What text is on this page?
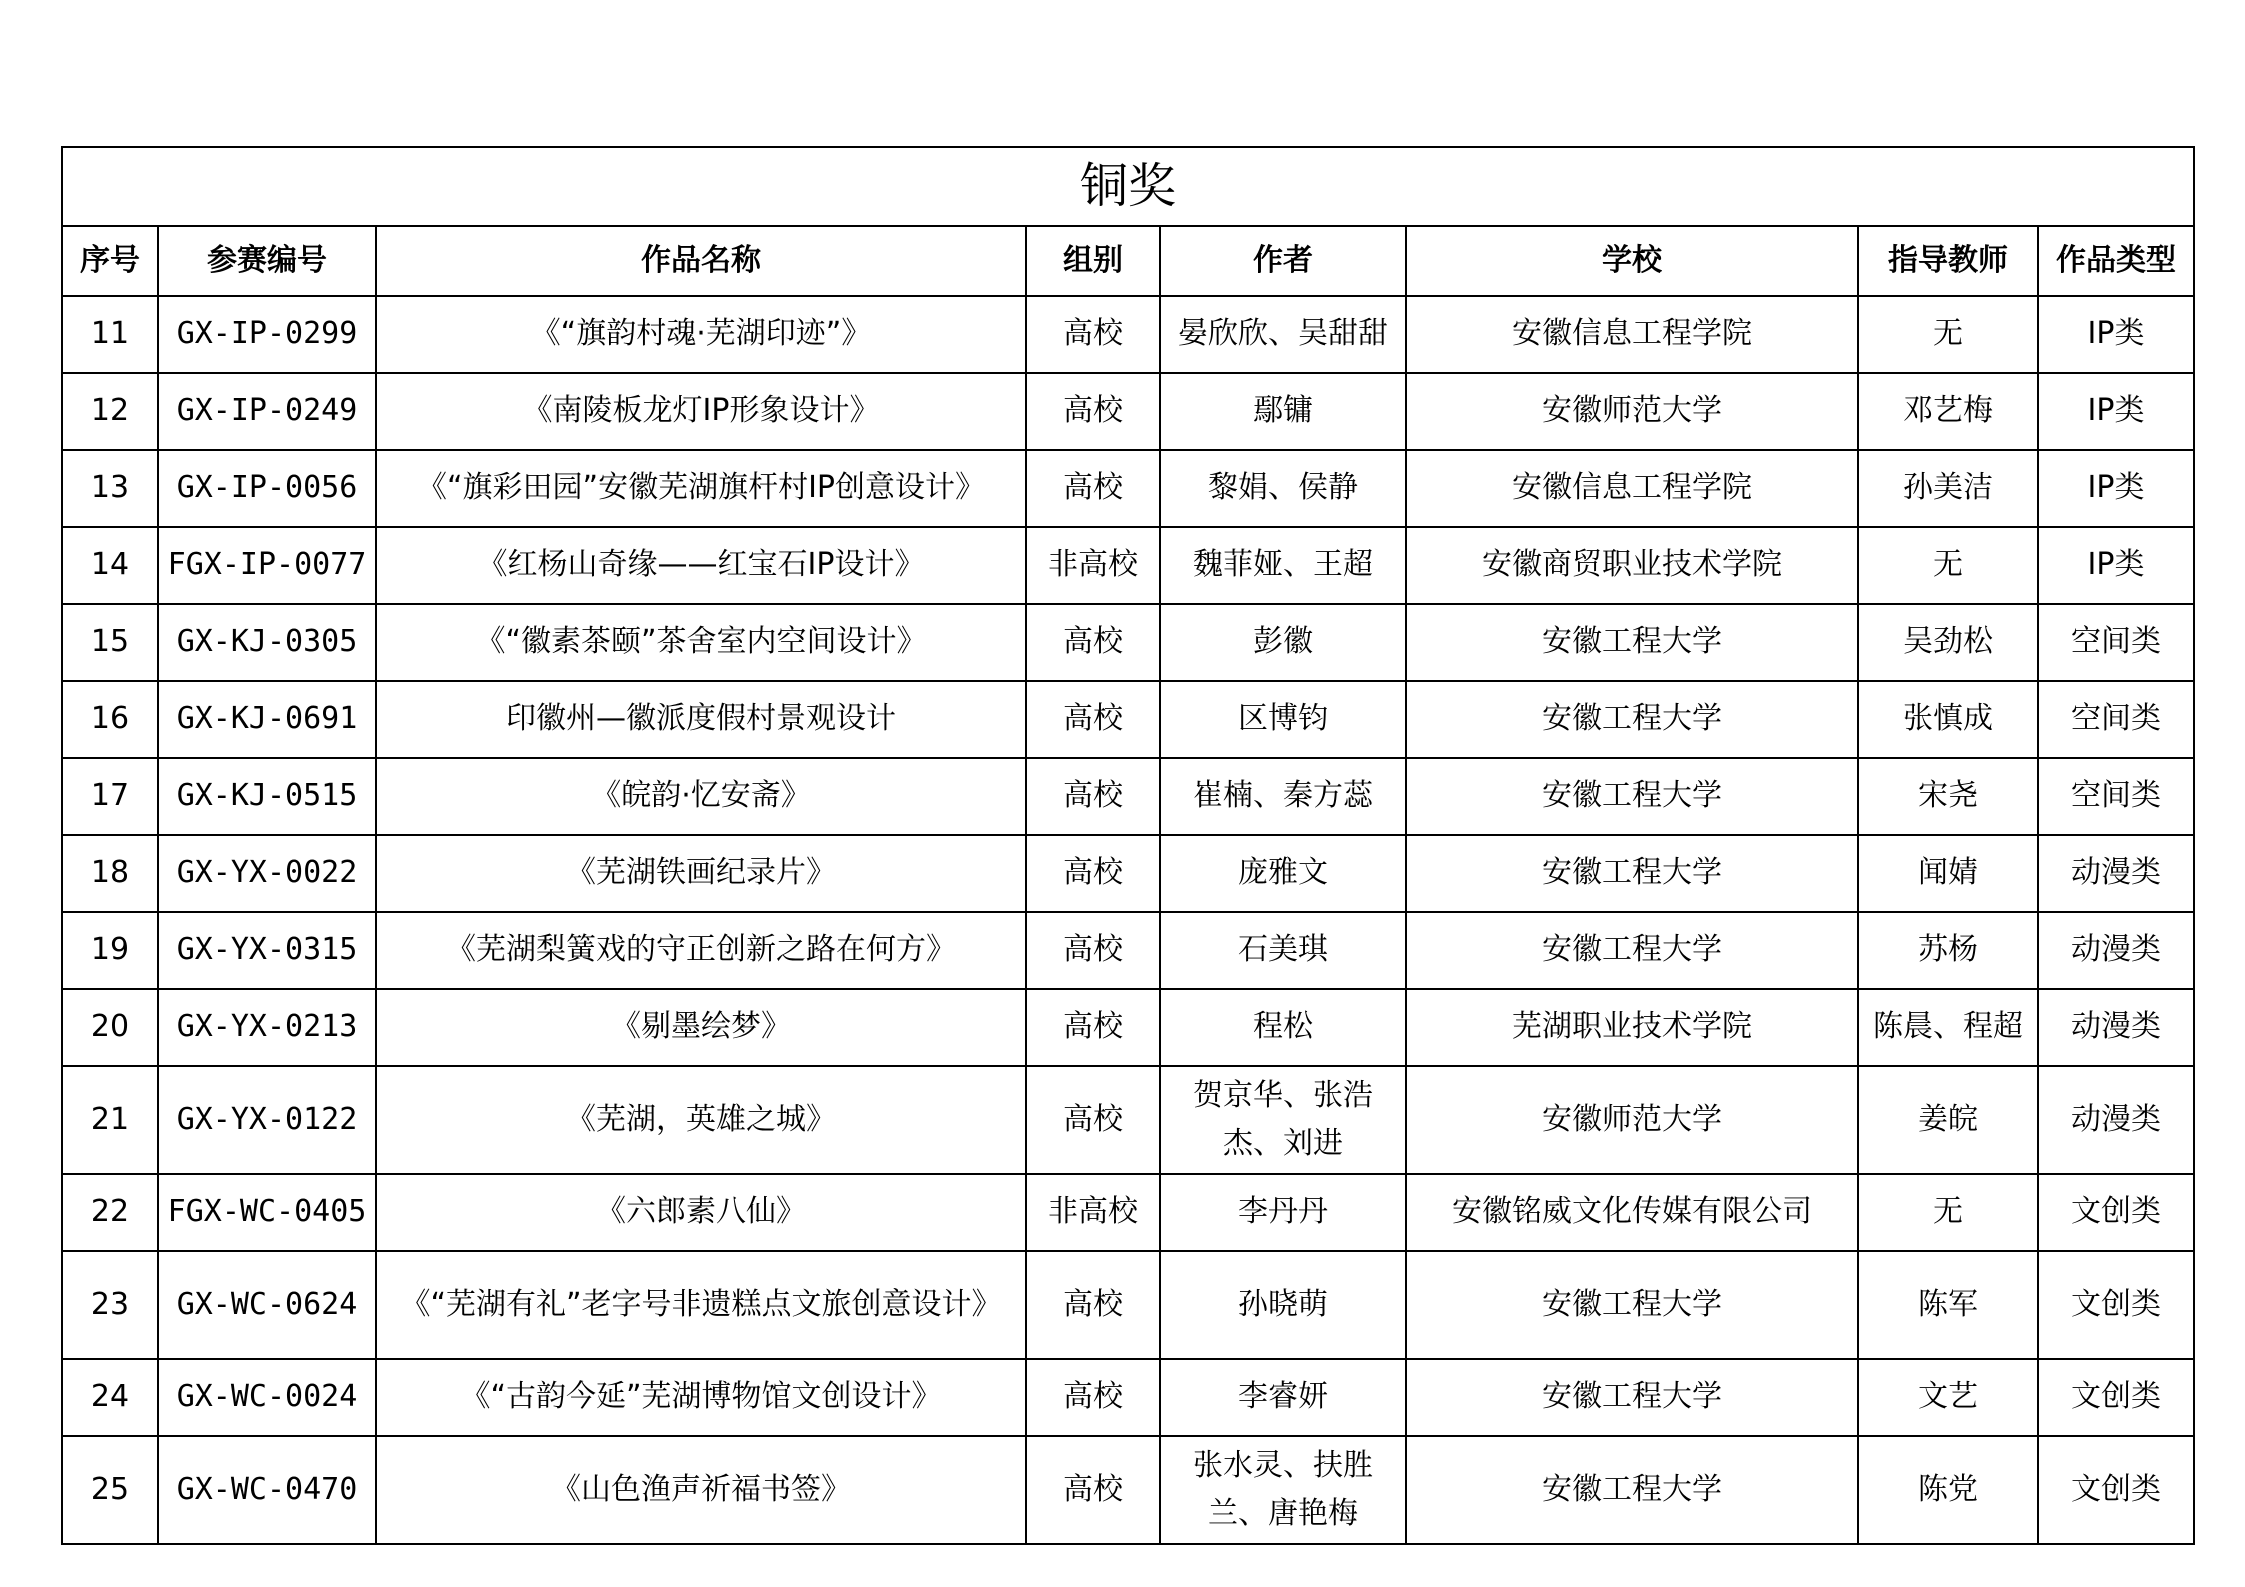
铜奖							
序号	参赛编号	作品名称	组别	作者	学校	指导教师	作品类型
11	GX-IP-0299	《“旗韵村魂·芜湖印迹”》	高校	晏欣欣、吴甜甜	安徽信息工程学院	无	IP类
12	GX-IP-0249	《南陵板龙灯IP形象设计》	高校	鄢镛	安徽师范大学	邓艺梅	IP类
13	GX-IP-0056	《“旗彩田园”安徽芜湖旗杆村IP创意设计》	高校	黎娟、侯静	安徽信息工程学院	孙美洁	IP类
14	FGX-IP-0077	《红杨山奇缘——红宝石IP设计》	非高校	魏菲娅、王超	安徽商贸职业技术学院	无	IP类
15	GX-KJ-0305	《“徽素茶颐”茶舍室内空间设计》	高校	彭徽	安徽工程大学	吴劲松	空间类
16	GX-KJ-0691	印徽州—徽派度假村景观设计	高校	区博钧	安徽工程大学	张慎成	空间类
17	GX-KJ-0515	《皖韵·忆安斋》	高校	崔楠、秦方蕊	安徽工程大学	宋尧	空间类
18	GX-YX-0022	《芜湖铁画纪录片》	高校	庞雅文	安徽工程大学	闻婧	动漫类
19	GX-YX-0315	《芜湖梨簧戏的守正创新之路在何方》	高校	石美琪	安徽工程大学	苏杨	动漫类
20	GX-YX-0213	《剔墨绘梦》	高校	程松	芜湖职业技术学院	陈晨、程超	动漫类
21	GX-YX-0122	《芜湖，英雄之城》	高校	贺京华、张浩杰、刘进	安徽师范大学	姜皖	动漫类
22	FGX-WC-0405	《六郎素八仙》	非高校	李丹丹	安徽铭威文化传媒有限公司	无	文创类
23	GX-WC-0624	《“芜湖有礼”老字号非遗糕点文旅创意设计》	高校	孙晓萌	安徽工程大学	陈军	文创类
24	GX-WC-0024	《“古韵今延”芜湖博物馆文创设计》	高校	李睿妍	安徽工程大学	文艺	文创类
25	GX-WC-0470	《山色渔声祈福书签》	高校	张水灵、扶胜兰、唐艳梅	安徽工程大学	陈党	文创类
